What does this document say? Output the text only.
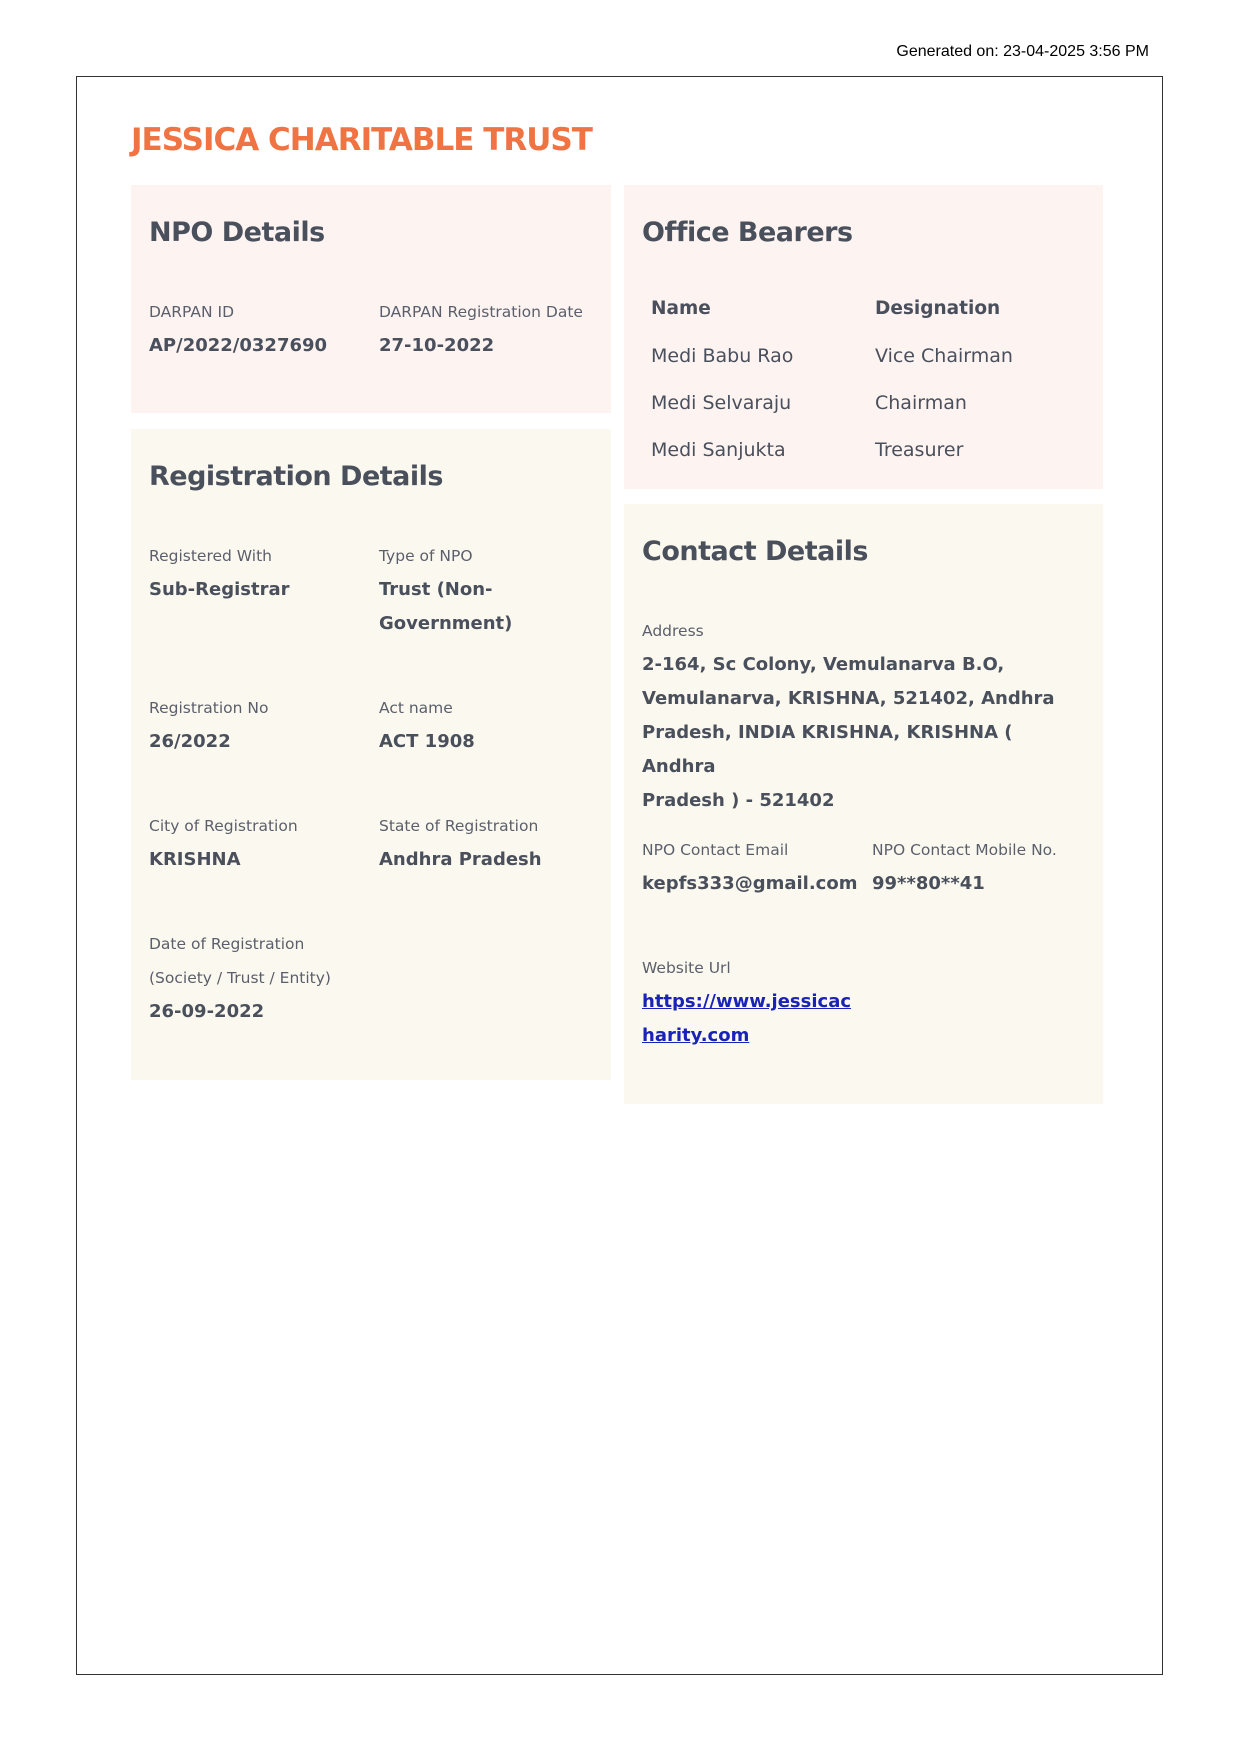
Generated on: 23-04-2025 3:56 PM
JESSICA CHARITABLE TRUST
NPO Details
DARPAN ID
AP/2022/0327690
DARPAN Registration Date
27-10-2022
Registration Details
Registered With
Sub-Registrar
Type of NPO
Trust (Non-
Government)
Registration No
26/2022
Act name
ACT 1908
City of Registration
KRISHNA
State of Registration
Andhra Pradesh
Date of Registration
(Society / Trust / Entity)
26-09-2022
Office Bearers
Name	Designation
Medi Babu Rao	Vice Chairman
Medi Selvaraju	Chairman
Medi Sanjukta	Treasurer
Contact Details
Address
2-164, Sc Colony, Vemulanarva B.O,
Vemulanarva, KRISHNA, 521402, Andhra
Pradesh, INDIA KRISHNA, KRISHNA ( Andhra
Pradesh ) - 521402
NPO Contact Email
kepfs333@gmail.com
NPO Contact Mobile No.
99**80**41
Website Url
https://www.jessicac
harity.com
